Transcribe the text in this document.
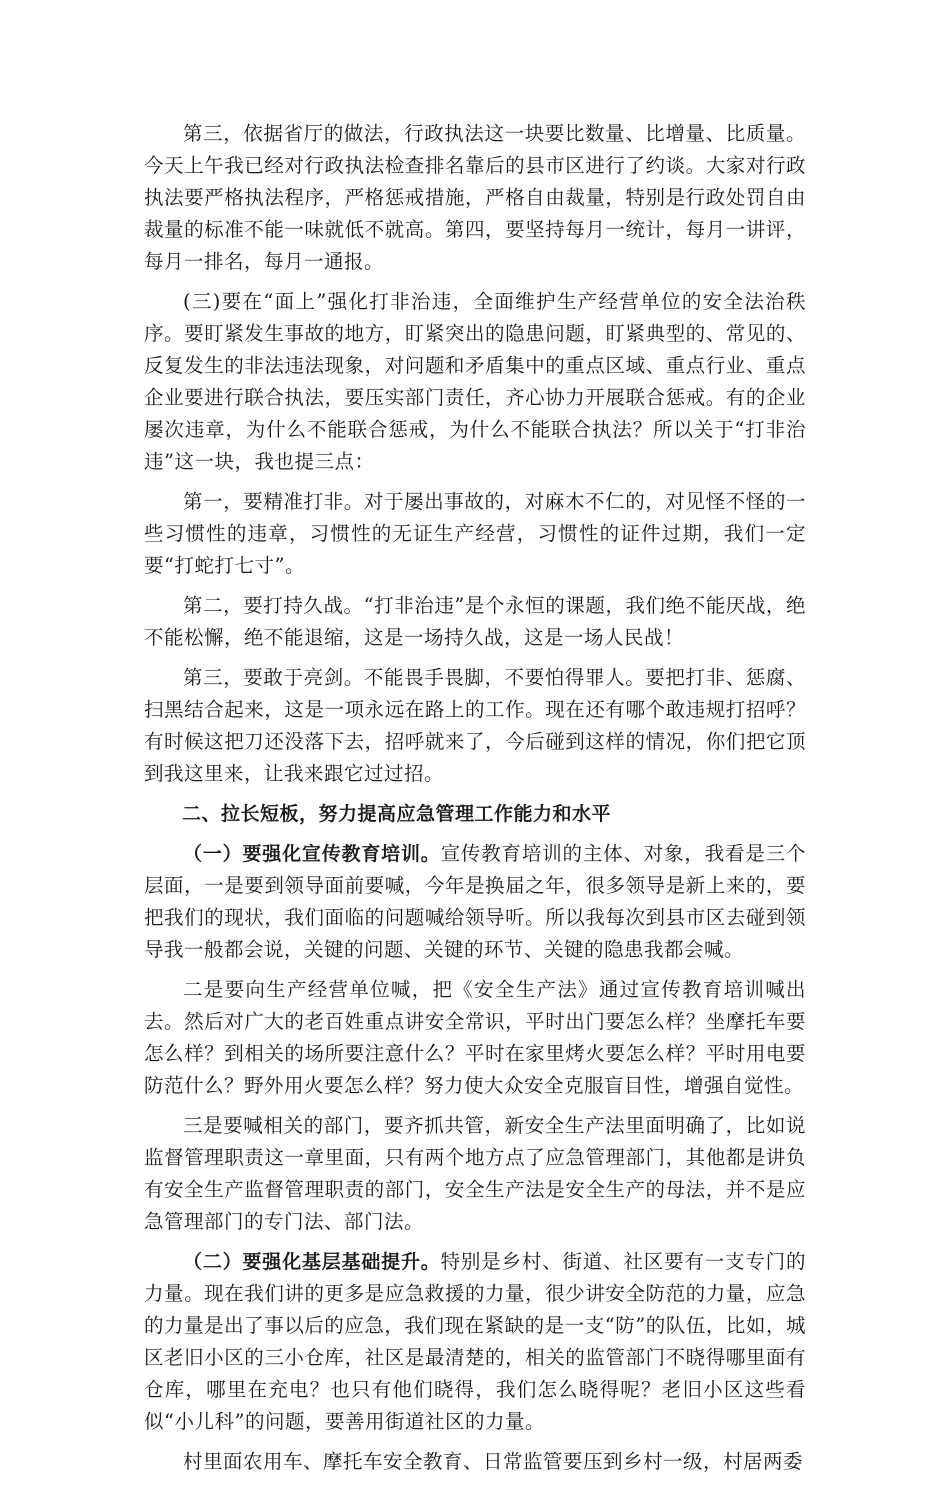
第三，依据省厅的做法，行政执法这一块要比数量、比增量、比质量。今天上午我已经对行政执法检查排名靠后的县市区进行了约谈。大家对行政执法要严格执法程序，严格惩戒措施，严格自由裁量，特别是行政处罚自由裁量的标准不能一味就低不就高。第四，要坚持每月一统计，每月一讲评，每月一排名，每月一通报。

(三)要在“面上”强化打非治违，全面维护生产经营单位的安全法治秩序。要盯紧发生事故的地方，盯紧突出的隐患问题，盯紧典型的、常见的、反复发生的非法违法现象，对问题和矛盾集中的重点区域、重点行业、重点企业要进行联合执法，要压实部门责任，齐心协力开展联合惩戒。有的企业屡次违章，为什么不能联合惩戒，为什么不能联合执法？所以关于“打非治违”这一块，我也提三点：

第一，要精准打非。对于屡出事故的，对麻木不仁的，对见怪不怪的一些习惯性的违章，习惯性的无证生产经营，习惯性的证件过期，我们一定要“打蛇打七寸”。

第二，要打持久战。“打非治违”是个永恒的课题，我们绝不能厌战，绝不能松懈，绝不能退缩，这是一场持久战，这是一场人民战！

第三，要敢于亮剑。不能畏手畏脚，不要怕得罪人。要把打非、惩腐、扫黑结合起来，这是一项永远在路上的工作。现在还有哪个敢违规打招呼？有时候这把刀还没落下去，招呼就来了，今后碰到这样的情况，你们把它顶到我这里来，让我来跟它过过招。

二、拉长短板，努力提高应急管理工作能力和水平

（一）要强化宣传教育培训。宣传教育培训的主体、对象，我看是三个层面，一是要到领导面前要喊，今年是换届之年，很多领导是新上来的，要把我们的现状，我们面临的问题喊给领导听。所以我每次到县市区去碰到领导我一般都会说，关键的问题、关键的环节、关键的隐患我都会喊。

二是要向生产经营单位喊，把《安全生产法》通过宣传教育培训喊出去。然后对广大的老百姓重点讲安全常识，平时出门要怎么样？坐摩托车要怎么样？到相关的场所要注意什么？平时在家里烤火要怎么样？平时用电要防范什么？野外用火要怎么样？努力使大众安全克服盲目性，增强自觉性。

三是要喊相关的部门，要齐抓共管，新安全生产法里面明确了，比如说监督管理职责这一章里面，只有两个地方点了应急管理部门，其他都是讲负有安全生产监督管理职责的部门，安全生产法是安全生产的母法，并不是应急管理部门的专门法、部门法。

（二）要强化基层基础提升。特别是乡村、街道、社区要有一支专门的力量。现在我们讲的更多是应急救援的力量，很少讲安全防范的力量，应急的力量是出了事以后的应急，我们现在紧缺的是一支“防”的队伍，比如，城区老旧小区的三小仓库，社区是最清楚的，相关的监管部门不晓得哪里面有仓库，哪里在充电？也只有他们晓得，我们怎么晓得呢？老旧小区这些看似“小儿科”的问题，要善用街道社区的力量。

村里面农用车、摩托车安全教育、日常监管要压到乡村一级，村居两委
